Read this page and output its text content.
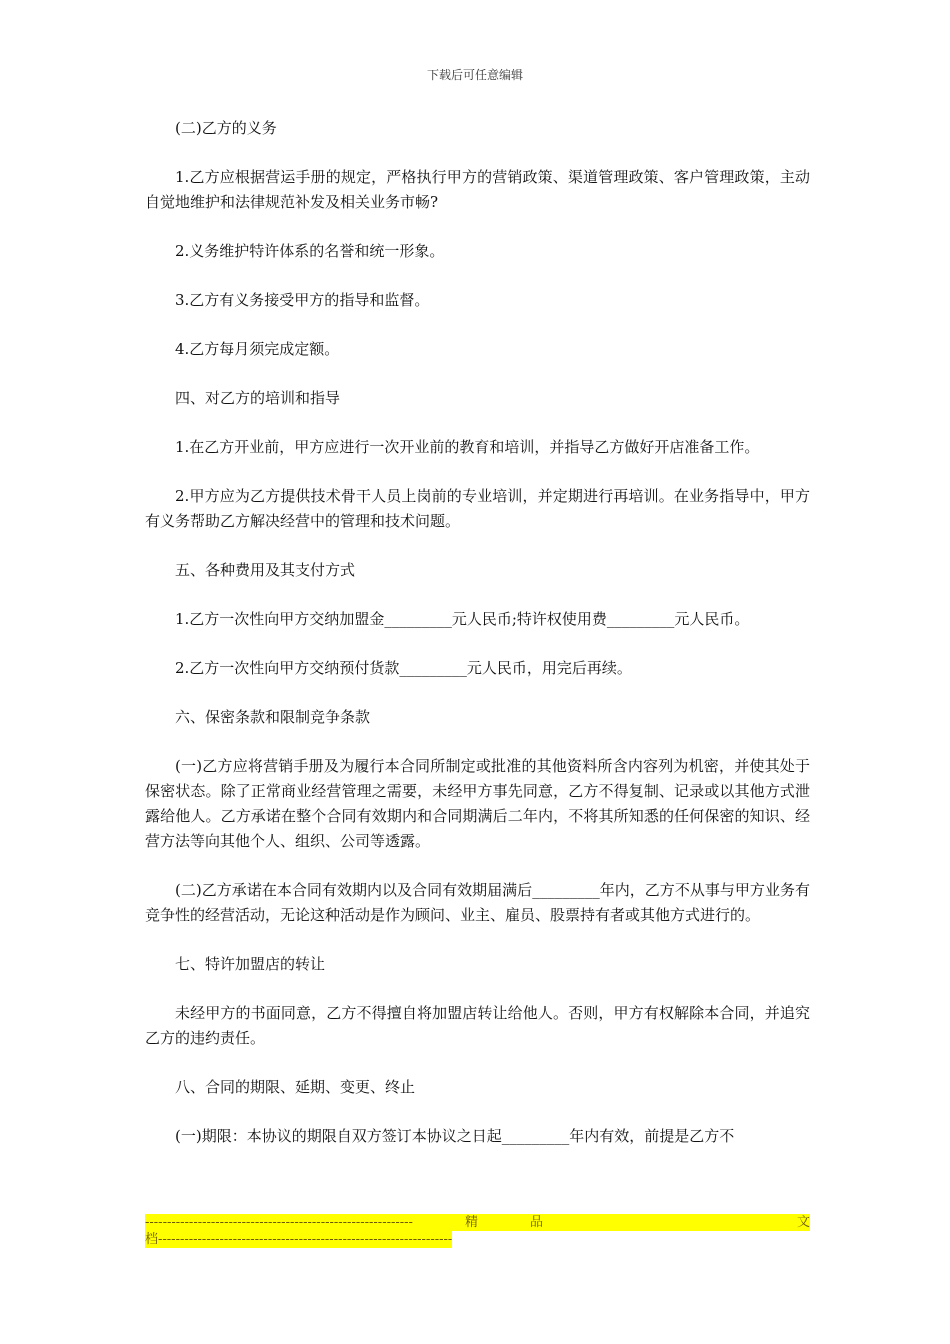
下载后可任意编辑

(二)乙方的义务

1.乙方应根据营运手册的规定，严格执行甲方的营销政策、渠道管理政策、客户管理政策，主动自觉地维护和法律规范补发及相关业务市畅?

2.义务维护特许体系的名誉和统一形象。

3.乙方有义务接受甲方的指导和监督。

4.乙方每月须完成定额。

四、对乙方的培训和指导

1.在乙方开业前，甲方应进行一次开业前的教育和培训，并指导乙方做好开店准备工作。

2.甲方应为乙方提供技术骨干人员上岗前的专业培训，并定期进行再培训。在业务指导中，甲方有义务帮助乙方解决经营中的管理和技术问题。

五、各种费用及其支付方式

1.乙方一次性向甲方交纳加盟金_________元人民币;特许权使用费_________元人民币。

2.乙方一次性向甲方交纳预付货款_________元人民币，用完后再续。

六、保密条款和限制竞争条款

(一)乙方应将营销手册及为履行本合同所制定或批准的其他资料所含内容列为机密，并使其处于保密状态。除了正常商业经营管理之需要，未经甲方事先同意，乙方不得复制、记录或以其他方式泄露给他人。乙方承诺在整个合同有效期内和合同期满后二年内，不将其所知悉的任何保密的知识、经营方法等向其他个人、组织、公司等透露。

(二)乙方承诺在本合同有效期内以及合同有效期届满后_________年内，乙方不从事与甲方业务有竞争性的经营活动，无论这种活动是作为顾问、业主、雇员、股票持有者或其他方式进行的。

七、特许加盟店的转让

未经甲方的书面同意，乙方不得擅自将加盟店转让给他人。否则，甲方有权解除本合同，并追究乙方的违约责任。

八、合同的期限、延期、变更、终止

(一)期限：本协议的期限自双方签订本协议之日起_________年内有效，前提是乙方不

-------------------------------------------------------------	精	品	文
档-------------------------------------------------------------------
